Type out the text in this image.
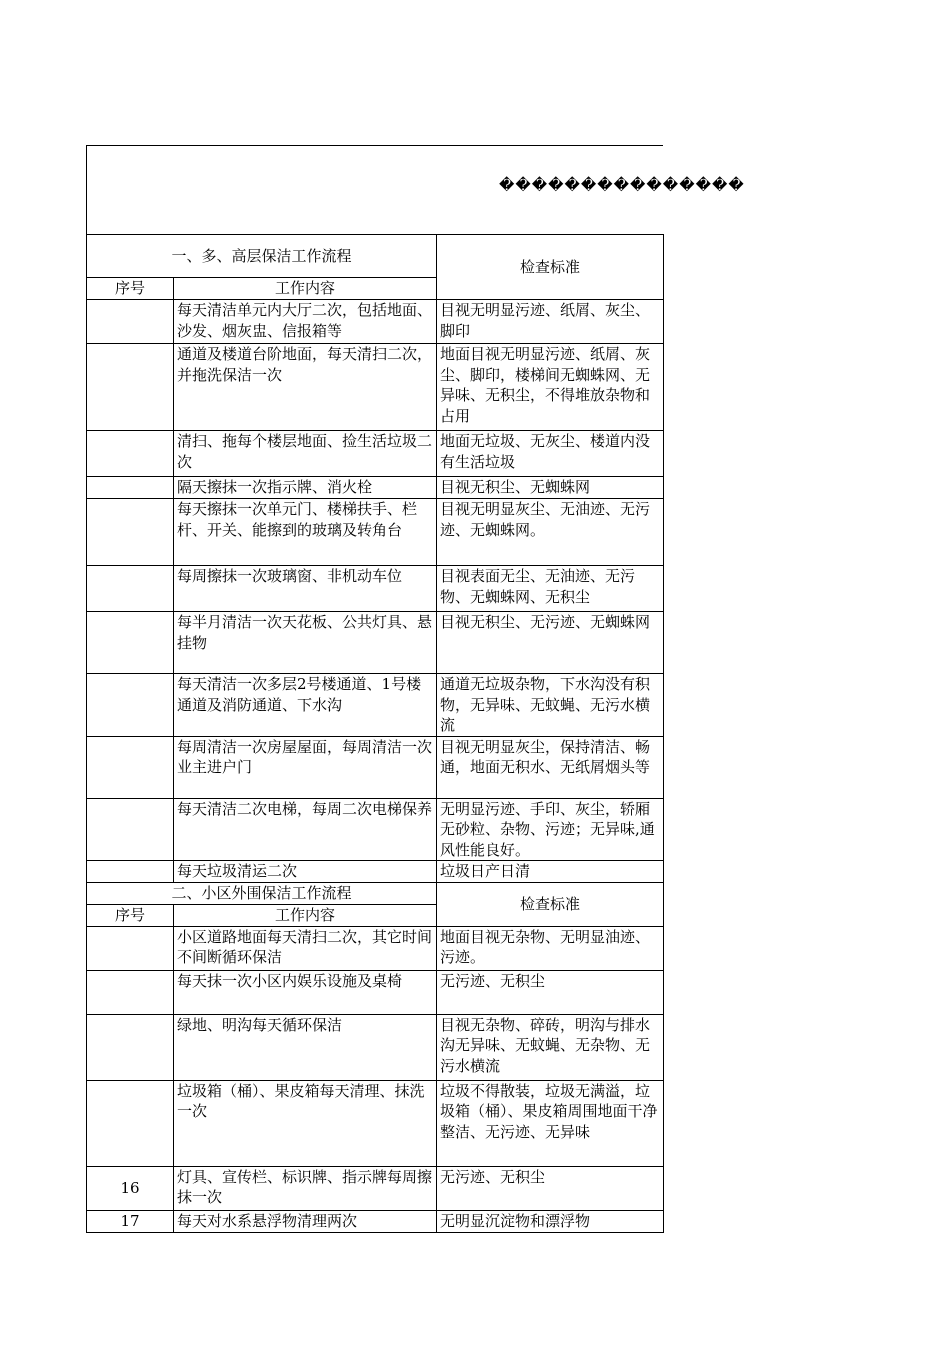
���������������
一、多、高层保洁工作流程		检查标准
序号	工作内容	
	每天清洁单元内大厅二次，包括地面、沙发、烟灰盅、信报箱等	目视无明显污迹、纸屑、灰尘、脚印
	通道及楼道台阶地面，每天清扫二次，并拖洗保洁一次	地面目视无明显污迹、纸屑、灰尘、脚印，楼梯间无蜘蛛网、无异味、无积尘，不得堆放杂物和占用
	清扫、拖每个楼层地面、捡生活垃圾二次	地面无垃圾、无灰尘、楼道内没有生活垃圾
	隔天擦抹一次指示牌、消火栓	目视无积尘、无蜘蛛网
	每天擦抹一次单元门、楼梯扶手、栏杆、开关、能擦到的玻璃及转角台	目视无明显灰尘、无油迹、无污迹、无蜘蛛网。
	每周擦抹一次玻璃窗、非机动车位	目视表面无尘、无油迹、无污物、无蜘蛛网、无积尘
	每半月清洁一次天花板、公共灯具、悬挂物	目视无积尘、无污迹、无蜘蛛网
	每天清洁一次多层2号楼通道、1号楼通道及消防通道、下水沟	通道无垃圾杂物，下水沟没有积物，无异味、无蚊蝇、无污水横流
	每周清洁一次房屋屋面，每周清洁一次业主进户门	目视无明显灰尘，保持清洁、畅通，地面无积水、无纸屑烟头等
	每天清洁二次电梯，每周二次电梯保养	无明显污迹、手印、灰尘，轿厢无砂粒、杂物、污迹；无异味,通风性能良好。
	每天垃圾清运二次	垃圾日产日清
二、小区外围保洁工作流程		检查标准
序号	工作内容	
	小区道路地面每天清扫二次，其它时间不间断循环保洁	地面目视无杂物、无明显油迹、污迹。
	每天抹一次小区内娱乐设施及桌椅	无污迹、无积尘
	绿地、明沟每天循环保洁	目视无杂物、碎砖，明沟与排水沟无异味、无蚊蝇、无杂物、无污水横流
	垃圾箱（桶）、果皮箱每天清理、抹洗一次	垃圾不得散装，垃圾无满溢，垃圾箱（桶）、果皮箱周围地面干净整洁、无污迹、无异味
16	灯具、宣传栏、标识牌、指示牌每周擦抹一次	无污迹、无积尘
17	每天对水系悬浮物清理两次	无明显沉淀物和漂浮物
